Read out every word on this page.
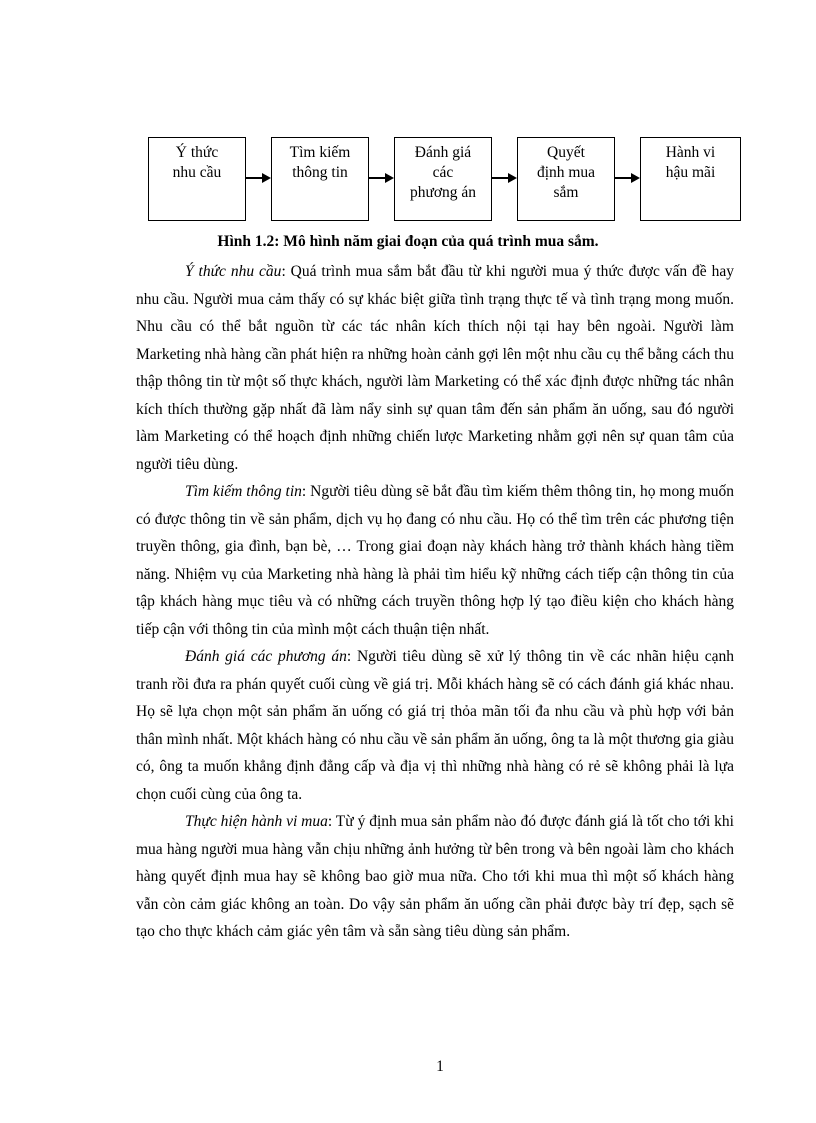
Ý thức
nhu cầu
Tìm kiếm
thông tin
Đánh giá
các
phương án
Quyết
định mua
sắm
Hành vi
hậu mãi
Hình 1.2: Mô hình năm giai đoạn của quá trình mua sắm.

Ý thức nhu cầu: Quá trình mua sắm bắt đầu từ khi người mua ý thức được vấn đề hay nhu cầu. Người mua cảm thấy có sự khác biệt giữa tình trạng thực tế và tình trạng mong muốn. Nhu cầu có thể bắt nguồn từ các tác nhân kích thích nội tại hay bên ngoài. Người làm Marketing nhà hàng cần phát hiện ra những hoàn cảnh gợi lên một nhu cầu cụ thể bằng cách thu thập thông tin từ một số thực khách, người làm Marketing có thể xác định được những tác nhân kích thích thường gặp nhất đã làm nẩy sinh sự quan tâm đến sản phẩm ăn uống, sau đó người làm Marketing có thể hoạch định những chiến lược Marketing nhằm gợi nên sự quan tâm của người tiêu dùng.

Tìm kiếm thông tin: Người tiêu dùng sẽ bắt đầu tìm kiếm thêm thông tin, họ mong muốn có được thông tin về sản phẩm, dịch vụ họ đang có nhu cầu. Họ có thể tìm trên các phương tiện truyền thông, gia đình, bạn bè, … Trong giai đoạn này khách hàng trở thành khách hàng tiềm năng. Nhiệm vụ của Marketing nhà hàng là phải tìm hiểu kỹ những cách tiếp cận thông tin của tập khách hàng mục tiêu và có những cách truyền thông hợp lý tạo điều kiện cho khách hàng tiếp cận với thông tin của mình một cách thuận tiện nhất.

Đánh giá các phương án: Người tiêu dùng sẽ xử lý thông tin về các nhãn hiệu cạnh tranh rồi đưa ra phán quyết cuối cùng về giá trị. Mỗi khách hàng sẽ có cách đánh giá khác nhau. Họ sẽ lựa chọn một sản phẩm ăn uống có giá trị thỏa mãn tối đa nhu cầu và phù hợp với bản thân mình nhất. Một khách hàng có nhu cầu về sản phẩm ăn uống, ông ta là một thương gia giàu có, ông ta muốn khẳng định đẳng cấp và địa vị thì những nhà hàng có rẻ sẽ không phải là lựa chọn cuối cùng của ông ta.

Thực hiện hành vi mua: Từ ý định mua sản phẩm nào đó được đánh giá là tốt cho tới khi mua hàng người mua hàng vẫn chịu những ảnh hưởng từ bên trong và bên ngoài làm cho khách hàng quyết định mua hay sẽ không bao giờ mua nữa. Cho tới khi mua thì một số khách hàng vẫn còn cảm giác không an toàn. Do vậy sản phẩm ăn uống cần phải được bày trí đẹp, sạch sẽ tạo cho thực khách cảm giác yên tâm và sẵn sàng tiêu dùng sản phẩm.

1
